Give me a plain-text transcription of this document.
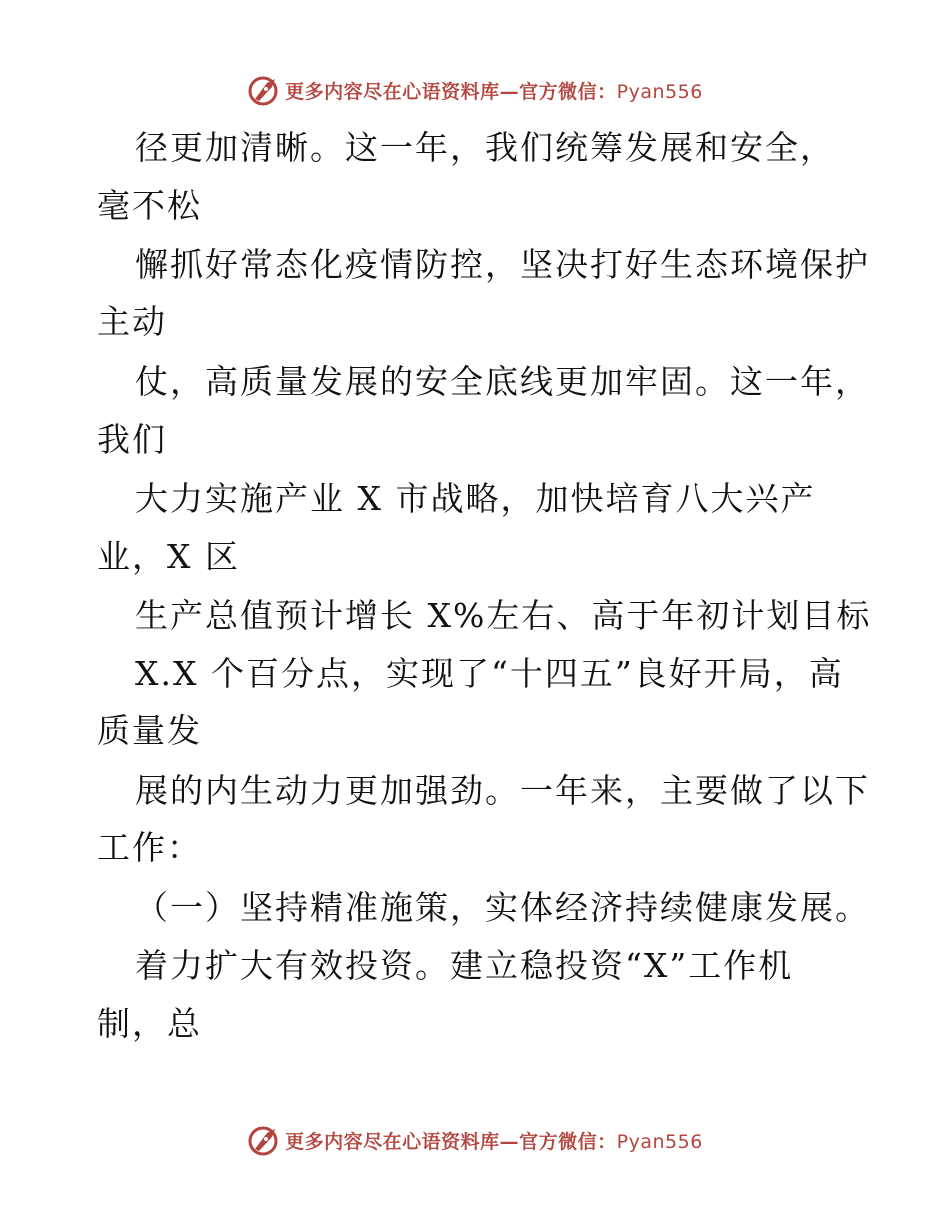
更多内容尽在心语资料库—官方微信：Pyan556
径更加清晰。这一年，我们统筹发展和安全，
毫不松
懈抓好常态化疫情防控，坚决打好生态环境保护
主动
仗，高质量发展的安全底线更加牢固。这一年，
我们
大力实施产业 X 市战略，加快培育八大兴产
业，X 区
生产总值预计增长 X%左右、高于年初计划目标
X.X 个百分点，实现了“十四五”良好开局，高
质量发
展的内生动力更加强劲。一年来，主要做了以下
工作：
（一）坚持精准施策，实体经济持续健康发展。
着力扩大有效投资。建立稳投资“X”工作机
制，总
更多内容尽在心语资料库—官方微信：Pyan556
